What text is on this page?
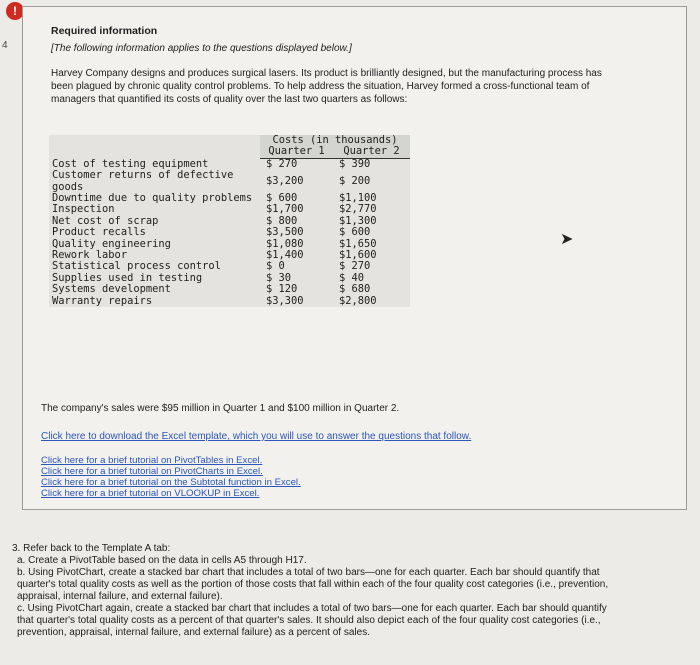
!
4
Required information
[The following information applies to the questions displayed below.]
Harvey Company designs and produces surgical lasers. Its product is brilliantly designed, but the manufacturing process has been plagued by chronic quality control problems. To help address the situation, Harvey formed a cross-functional team of managers that quantified its costs of quality over the last two quarters as follows:
	Costs (in thousands)	
	Quarter 1	Quarter 2
Cost of testing equipment	$ 270	$ 390
Customer returns of defective goods	$3,200	$ 200
Downtime due to quality problems	$ 600	$1,100
Inspection	$1,700	$2,770
Net cost of scrap	$ 800	$1,300
Product recalls	$3,500	$ 600
Quality engineering	$1,080	$1,650
Rework labor	$1,400	$1,600
Statistical process control	$ 0	$ 270
Supplies used in testing	$ 30	$ 40
Systems development	$ 120	$ 680
Warranty repairs	$3,300	$2,800
➤
The company's sales were $95 million in Quarter 1 and $100 million in Quarter 2.
Click here to download the Excel template, which you will use to answer the questions that follow.
Click here for a brief tutorial on PivotTables in Excel.
Click here for a brief tutorial on PivotCharts in Excel.
Click here for a brief tutorial on the Subtotal function in Excel.
Click here for a brief tutorial on VLOOKUP in Excel.

3. Refer back to the Template A tab:

a. Create a PivotTable based on the data in cells A5 through H17.

b. Using PivotChart, create a stacked bar chart that includes a total of two bars—one for each quarter. Each bar should quantify that quarter's total quality costs as well as the portion of those costs that fall within each of the four quality cost categories (i.e., prevention, appraisal, internal failure, and external failure).

c. Using PivotChart again, create a stacked bar chart that includes a total of two bars—one for each quarter. Each bar should quantify that quarter's total quality costs as a percent of that quarter's sales. It should also depict each of the four quality cost categories (i.e., prevention, appraisal, internal failure, and external failure) as a percent of sales.
